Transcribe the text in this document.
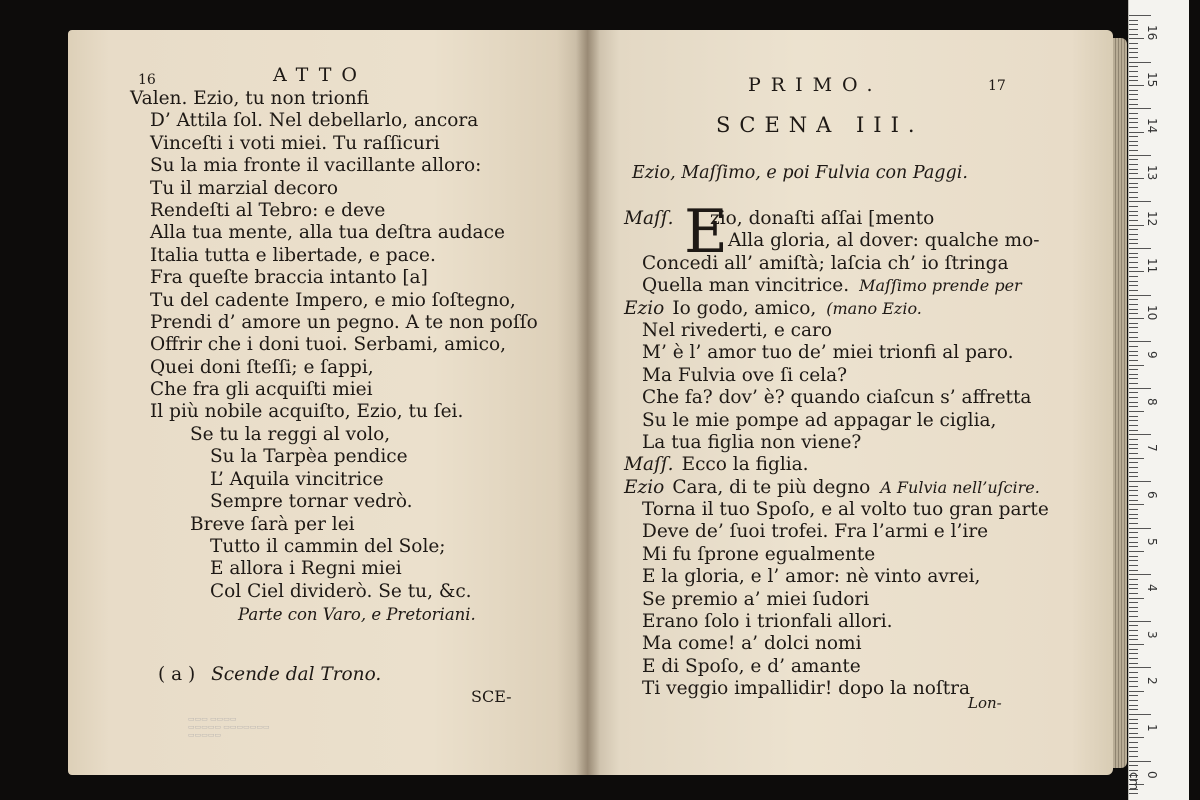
16	ATTO
Valen. Ezio, tu non trionfi
D’ Attila ſol. Nel debellarlo, ancora
Vinceſti i voti miei. Tu raſſicuri
Su la mia fronte il vacillante alloro:
Tu il marzial decoro
Rendeſti al Tebro: e deve
Alla tua mente, alla tua deſtra audace
Italia tutta e libertade, e pace.
Fra queſte braccia intanto [a]
Tu del cadente Impero, e mio ſoſtegno,
Prendi d’ amore un pegno. A te non poſſo
Offrir che i doni tuoi. Serbami, amico,
Quei doni ſteſſi; e ſappi,
Che fra gli acquiſti miei
Il più nobile acquiſto, Ezio, tu ſei.
Se tu la reggi al volo,
Su la Tarpèa pendice
L’ Aquila vincitrice
Sempre tornar vedrò.
Breve ſarà per lei
Tutto il cammin del Sole;
E allora i Regni miei
Col Ciel dividerò. Se tu, &c.
Parte con Varo, e Pretoriani.
( a ) Scende dal Trono.
SCE-
▭▭▭ ▭▭▭▭
▭▭▭▭▭ ▭▭▭▭▭▭▭
▭▭▭▭▭
PRIMO.	17
SCENA III.
Ezio, Maſſimo, e poi Fulvia con Paggi.
E
Maſſ. zio, donaſti aſſai [mento
Alla gloria, al dover: qualche mo-
Concedi all’ amiſtà; laſcia ch’ io ſtringa
Quella man vincitrice. Maſſimo prende per
Ezio Io godo, amico, (mano Ezio.
Nel rivederti, e caro
M’ è l’ amor tuo de’ miei trionfi al paro.
Ma Fulvia ove ſi cela?
Che fa? dov’ è? quando ciaſcun s’ affretta
Su le mie pompe ad appagar le ciglia,
La tua figlia non viene?
Maſſ. Ecco la figlia.
Ezio Cara, di te più degno A Fulvia nell’uſcire.
Torna il tuo Spoſo, e al volto tuo gran parte
Deve de’ ſuoi trofei. Fra l’armi e l’ire
Mi fu ſprone egualmente
E la gloria, e l’ amor: nè vinto avrei,
Se premio a’ miei ſudori
Erano ſolo i trionfali allori.
Ma come! a’ dolci nomi
E di Spoſo, e d’ amante
Ti veggio impallidir! dopo la noſtra
Lon-
16
15
14
13
12
11
10
9
8
7
6
5
4
3
2
1
0
cm
